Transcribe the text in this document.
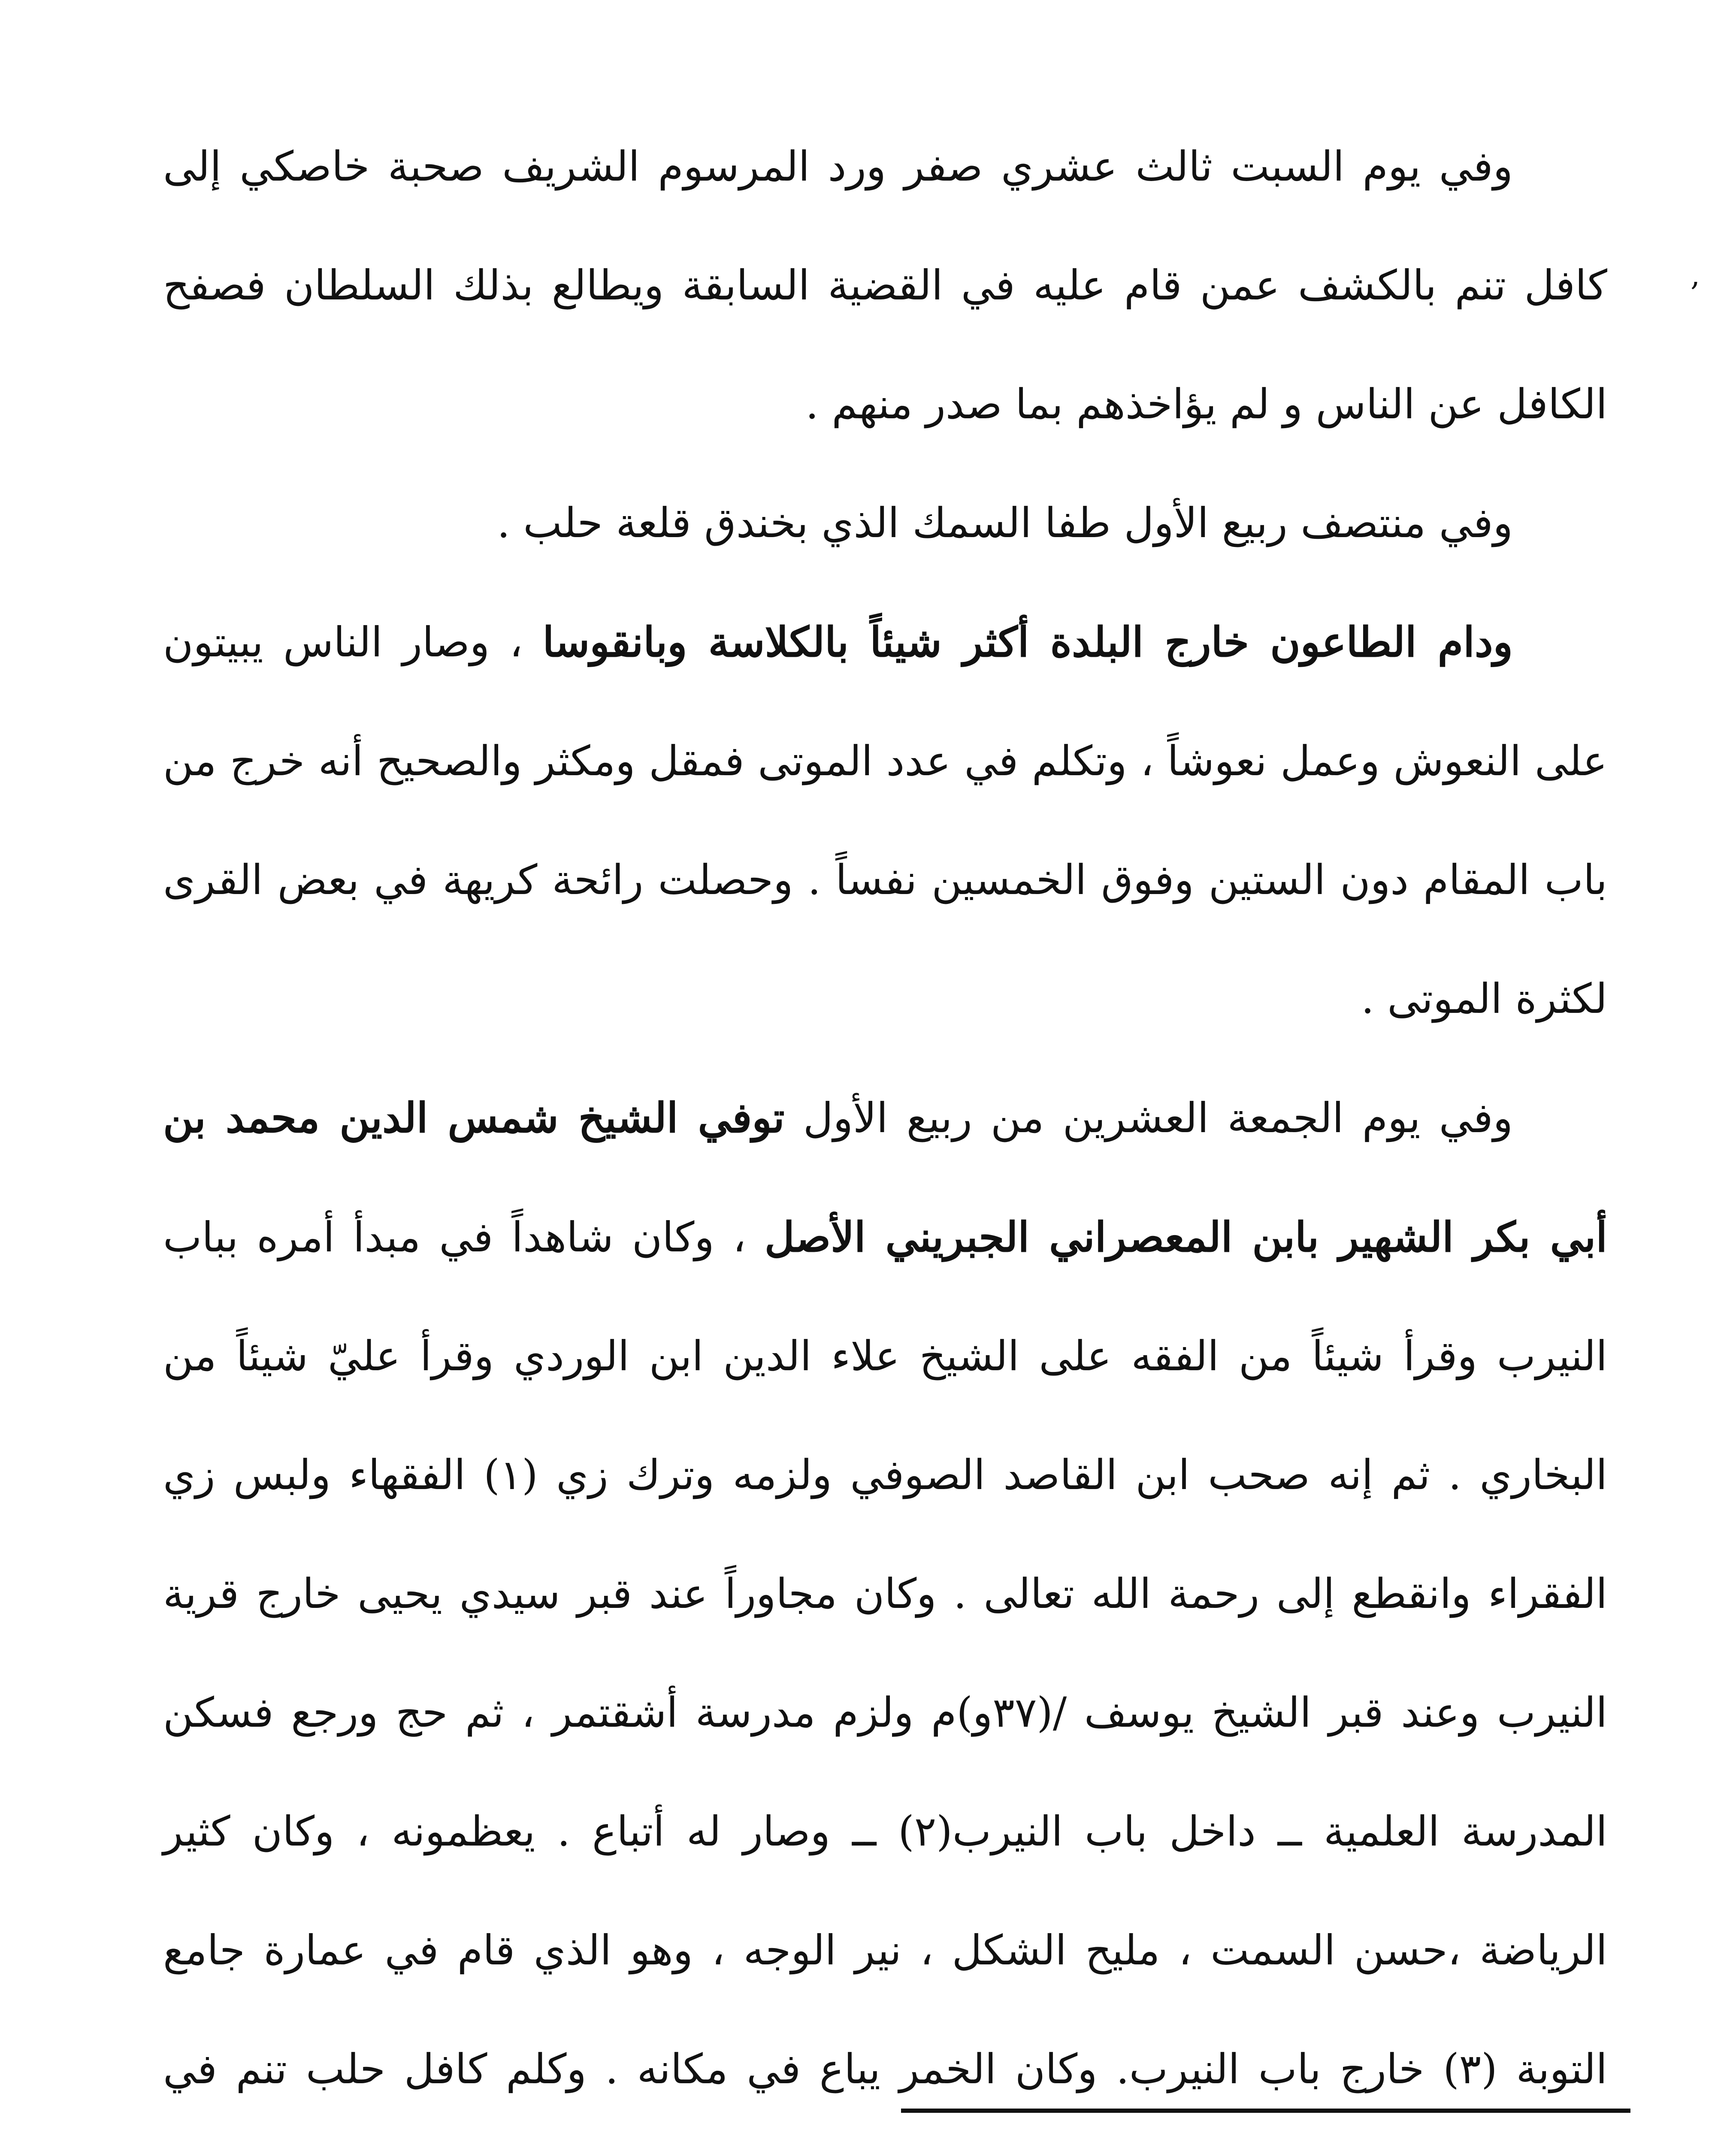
وفي يوم السبت ثالث عشري صفر ورد المرسوم الشريف صحبة خاصكي إلى كافل تنم بالكشف عمن قام عليه في القضية السابقة ويطالع بذلك السلطان فصفح الكافل عن الناس و لم يؤاخذهم بما صدر منهم .

وفي منتصف ربيع الأول طفا السمك الذي بخندق قلعة حلب .

ودام الطاعون خارج البلدة أكثر شيئاً بالكلاسة وبانقوسا ، وصار الناس يبيتون على النعوش وعمل نعوشاً ، وتكلم في عدد الموتى فمقل ومكثر والصحيح أنه خرج من باب المقام دون الستين وفوق الخمسين نفساً . وحصلت رائحة كريهة في بعض القرى لكثرة الموتى .

وفي يوم الجمعة العشرين من ربيع الأول توفي الشيخ شمس الدين محمد بن أبي بكر الشهير بابن المعصراني الجبريني الأصل ، وكان شاهداً في مبدأ أمره بباب النيرب وقرأ شيئاً من الفقه على الشيخ علاء الدين ابن الوردي وقرأ عليّ شيئاً من البخاري . ثم إنه صحب ابن القاصد الصوفي ولزمه وترك زي (١) الفقهاء ولبس زي الفقراء وانقطع إلى رحمة الله تعالى . وكان مجاوراً عند قبر سيدي يحيى خارج قرية النيرب وعند قبر الشيخ يوسف /(٣٧و)م ولزم مدرسة أشقتمر ، ثم حج ورجع فسكن المدرسة العلمية ــ داخل باب النيرب(٢) ــ وصار له أتباع . يعظمونه ، وكان كثير الرياضة ،حسن السمت ، مليح الشكل ، نير الوجه ، وهو الذي قام في عمارة جامع التوبة (٣) خارج باب النيرب. وكان الخمر يباع في مكانه . وكلم كافل حلب تنم في

,
